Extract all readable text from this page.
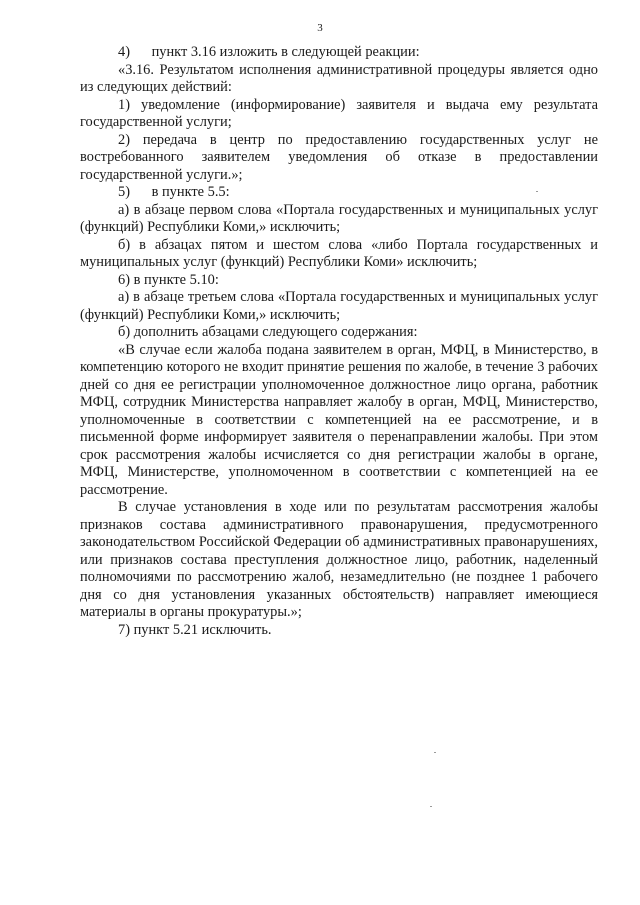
3

4)  пункт 3.16 изложить в следующей реакции:

«3.16. Результатом исполнения административной процедуры является одно из следующих действий:

1) уведомление (информирование) заявителя и выдача ему результата государственной услуги;

2) передача в центр по предоставлению государственных услуг не востребованного заявителем уведомления об отказе в предоставлении государственной услуги.»;

5)  в пункте 5.5:

а) в абзаце первом слова «Портала государственных и муниципальных услуг (функций) Республики Коми,» исключить;

б) в абзацах пятом и шестом слова «либо Портала государственных и муниципальных услуг (функций) Республики Коми» исключить;

6) в пункте 5.10:

а) в абзаце третьем слова «Портала государственных и муниципальных услуг (функций) Республики Коми,» исключить;

б) дополнить абзацами следующего содержания:

«В случае если жалоба подана заявителем в орган, МФЦ, в Министерство, в компетенцию которого не входит принятие решения по жалобе, в течение 3 рабочих дней со дня ее регистрации уполномоченное должностное лицо органа, работник МФЦ, сотрудник Министерства направляет жалобу в орган, МФЦ, Министерство, уполномоченные в соответствии с компетенцией на ее рассмотрение, и в письменной форме информирует заявителя о перенаправлении жалобы. При этом срок рассмотрения жалобы исчисляется со дня регистрации жалобы в органе, МФЦ, Министерстве, уполномоченном в соответствии с компетенцией на ее рассмотрение.

В случае установления в ходе или по результатам рассмотрения жалобы признаков состава административного правонарушения, предусмотренного законодательством Российской Федерации об административных правонарушениях, или признаков состава преступления должностное лицо, работник, наделенный полномочиями по рассмотрению жалоб, незамедлительно (не позднее 1 рабочего дня со дня установления указанных обстоятельств) направляет имеющиеся материалы в органы прокуратуры.»;

7) пункт 5.21 исключить.
